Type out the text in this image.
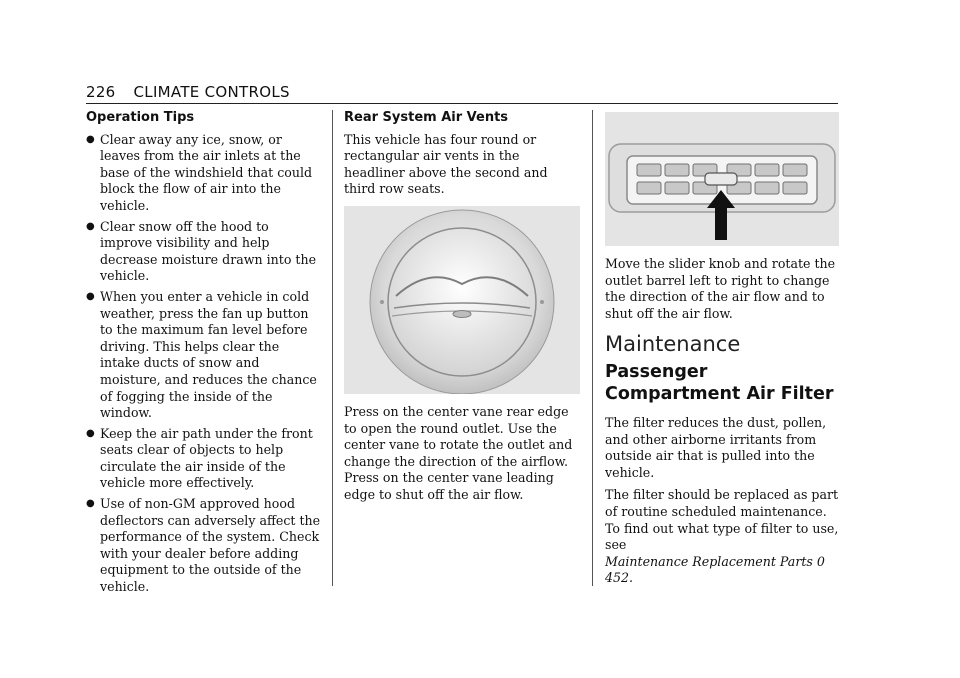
226 CLIMATE CONTROLS
Operation Tips
● Clear away any ice, snow, or leaves from the air inlets at the base of the windshield that could block the flow of air into the vehicle.
● Clear snow off the hood to improve visibility and help decrease moisture drawn into the vehicle.
● When you enter a vehicle in cold weather, press the fan up button to the maximum fan level before driving. This helps clear the intake ducts of snow and moisture, and reduces the chance of fogging the inside of the window.
● Keep the air path under the front seats clear of objects to help circulate the air inside of the vehicle more effectively.
● Use of non-GM approved hood deflectors can adversely affect the performance of the system. Check with your dealer before adding equipment to the outside of the vehicle.
Rear System Air Vents

This vehicle has four round or rectangular air vents in the headliner above the second and third row seats.

Press on the center vane rear edge to open the round outlet. Use the center vane to rotate the outlet and change the direction of the airflow. Press on the center vane leading edge to shut off the air flow.

Move the slider knob and rotate the outlet barrel left to right to change the direction of the air flow and to shut off the air flow.

Maintenance
Passenger Compartment Air Filter

The filter reduces the dust, pollen, and other airborne irritants from outside air that is pulled into the vehicle.

The filter should be replaced as part of routine scheduled maintenance. To find out what type of filter to use, see
Maintenance Replacement Parts 0 452.
